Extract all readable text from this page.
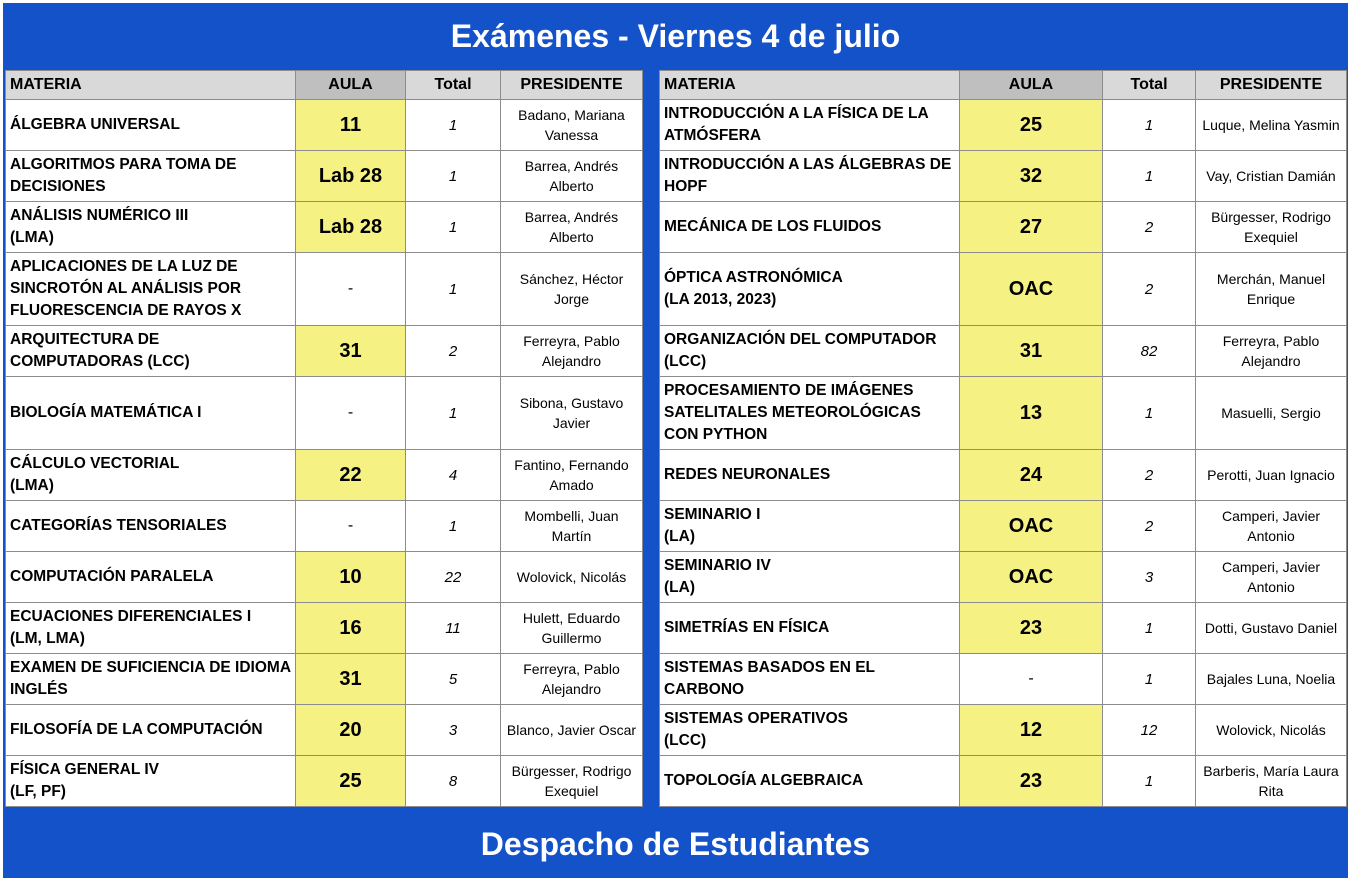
Exámenes - Viernes 4 de julio
MATERIA	AULA	Total	PRESIDENTE

ÁLGEBRA UNIVERSAL	11	1	Badano, Mariana Vanessa

ALGORITMOS PARA TOMA DE DECISIONES	Lab 28	1	Barrea, Andrés Alberto

ANÁLISIS NUMÉRICO III
(LMA)	Lab 28	1	Barrea, Andrés Alberto

APLICACIONES DE LA LUZ DE SINCROTÓN AL ANÁLISIS POR FLUORESCENCIA DE RAYOS X	-	1	Sánchez, Héctor Jorge

ARQUITECTURA DE COMPUTADORAS (LCC)	31	2	Ferreyra, Pablo Alejandro

BIOLOGÍA MATEMÁTICA I	-	1	Sibona, Gustavo Javier

CÁLCULO VECTORIAL
(LMA)	22	4	Fantino, Fernando Amado

CATEGORÍAS TENSORIALES	-	1	Mombelli, Juan Martín

COMPUTACIÓN PARALELA	10	22	Wolovick, Nicolás

ECUACIONES DIFERENCIALES I
(LM, LMA)	16	11	Hulett, Eduardo Guillermo

EXAMEN DE SUFICIENCIA DE IDIOMA INGLÉS	31	5	Ferreyra, Pablo Alejandro

FILOSOFÍA DE LA COMPUTACIÓN	20	3	Blanco, Javier Oscar

FÍSICA GENERAL IV
(LF, PF)	25	8	Bürgesser, Rodrigo Exequiel
MATERIA	AULA	Total	PRESIDENTE

INTRODUCCIÓN A LA FÍSICA DE LA ATMÓSFERA	25	1	Luque, Melina Yasmin

INTRODUCCIÓN A LAS ÁLGEBRAS DE HOPF	32	1	Vay, Cristian Damián

MECÁNICA DE LOS FLUIDOS	27	2	Bürgesser, Rodrigo Exequiel

ÓPTICA ASTRONÓMICA
(LA 2013, 2023)	OAC	2	Merchán, Manuel Enrique

ORGANIZACIÓN DEL COMPUTADOR (LCC)	31	82	Ferreyra, Pablo Alejandro

PROCESAMIENTO DE IMÁGENES SATELITALES METEOROLÓGICAS CON PYTHON	13	1	Masuelli, Sergio

REDES NEURONALES	24	2	Perotti, Juan Ignacio

SEMINARIO I
(LA)	OAC	2	Camperi, Javier Antonio

SEMINARIO IV
(LA)	OAC	3	Camperi, Javier Antonio

SIMETRÍAS EN FÍSICA	23	1	Dotti, Gustavo Daniel

SISTEMAS BASADOS EN EL CARBONO	-	1	Bajales Luna, Noelia

SISTEMAS OPERATIVOS
(LCC)	12	12	Wolovick, Nicolás

TOPOLOGÍA ALGEBRAICA	23	1	Barberis, María Laura Rita
Despacho de Estudiantes
